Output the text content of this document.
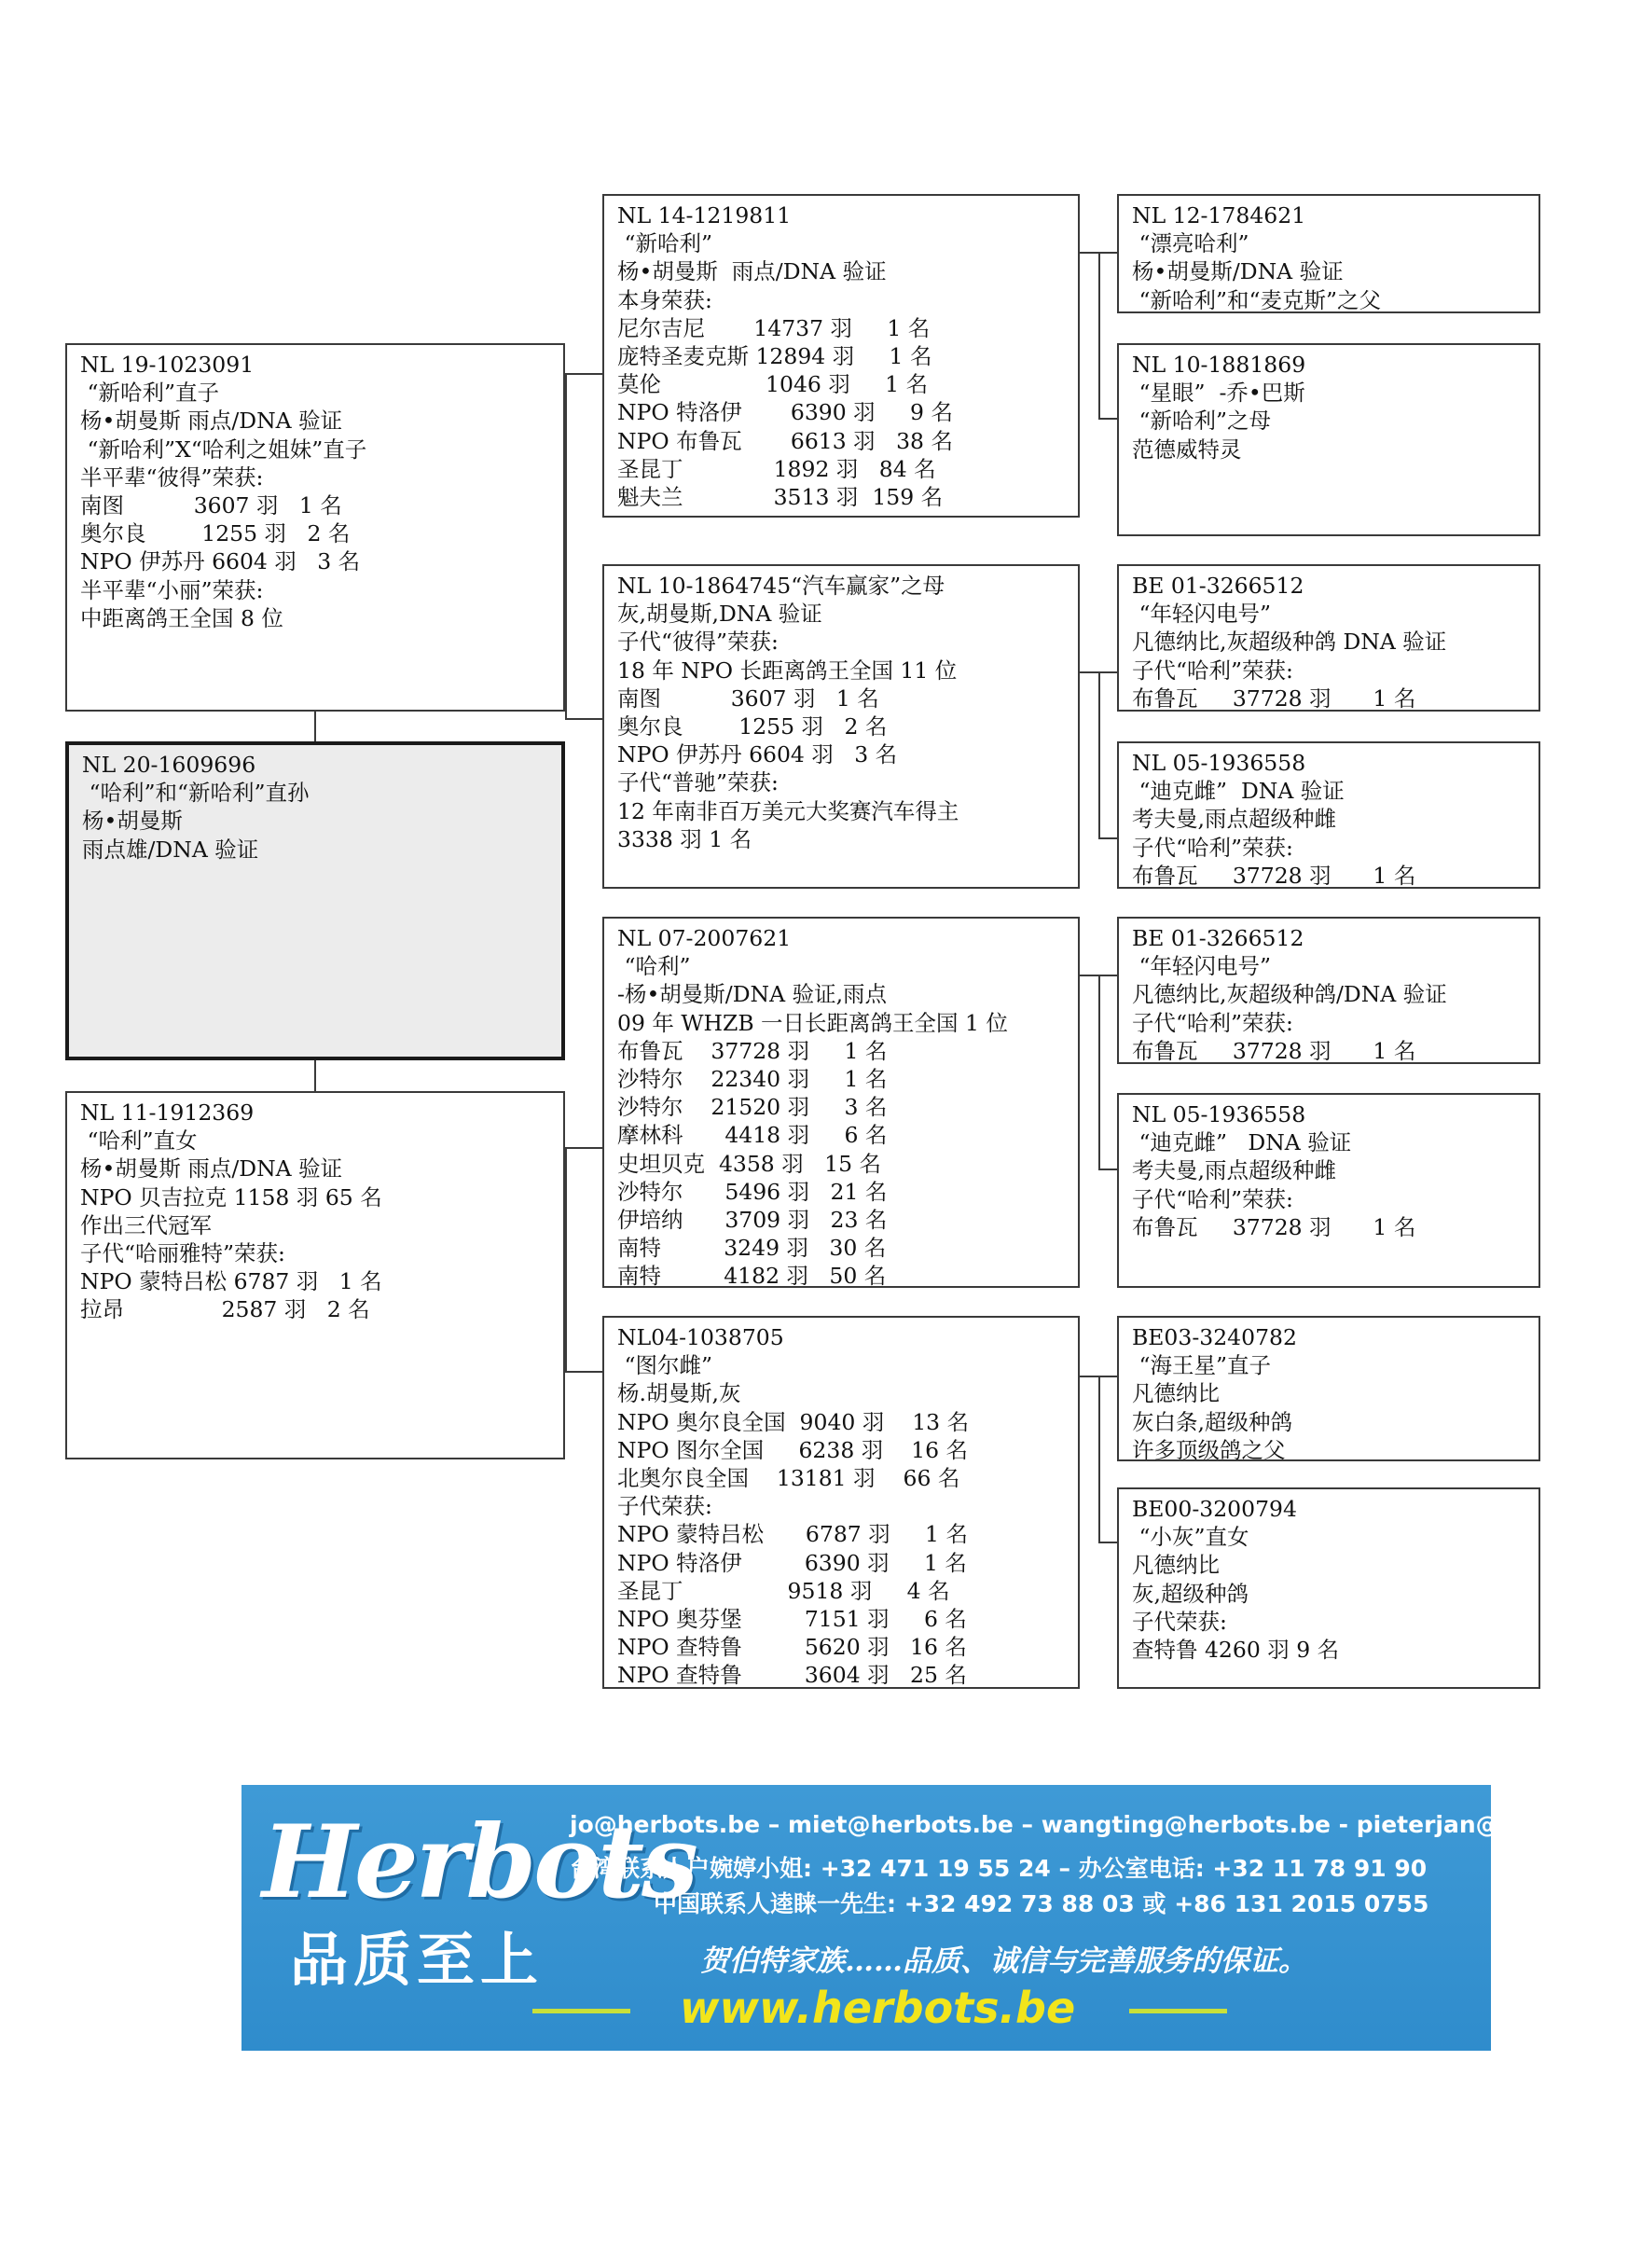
NL 19-1023091
“新哈利”直子
杨•胡曼斯 雨点/DNA 验证
“新哈利”X“哈利之姐妹”直子
半平辈“彼得”荣获:
南图          3607 羽   1 名
奥尔良        1255 羽   2 名
NPO 伊苏丹 6604 羽   3 名
半平辈“小丽”荣获:
中距离鸽王全国 8 位
NL 20-1609696
“哈利”和“新哈利”直孙
杨•胡曼斯
雨点雄/DNA 验证
NL 11-1912369
“哈利”直女
杨•胡曼斯 雨点/DNA 验证
NPO 贝吉拉克 1158 羽 65 名
作出三代冠军
子代“哈丽雅特”荣获:
NPO 蒙特吕松 6787 羽   1 名
拉昂              2587 羽   2 名
NL 14-1219811
“新哈利”
杨•胡曼斯  雨点/DNA 验证
本身荣获:
尼尔吉尼       14737 羽     1 名
庞特圣麦克斯 12894 羽     1 名
莫伦               1046 羽     1 名
NPO 特洛伊       6390 羽     9 名
NPO 布鲁瓦       6613 羽   38 名
圣昆丁             1892 羽   84 名
魁夫兰             3513 羽  159 名
NL 10-1864745“汽车赢家”之母
灰,胡曼斯,DNA 验证
子代“彼得”荣获:
18 年 NPO 长距离鸽王全国 11 位
南图          3607 羽   1 名
奥尔良        1255 羽   2 名
NPO 伊苏丹 6604 羽   3 名
子代“普驰”荣获:
12 年南非百万美元大奖赛汽车得主
3338 羽 1 名
NL 07-2007621
“哈利”
-杨•胡曼斯/DNA 验证,雨点
09 年 WHZB 一日长距离鸽王全国 1 位
布鲁瓦    37728 羽     1 名
沙特尔    22340 羽     1 名
沙特尔    21520 羽     3 名
摩林科      4418 羽     6 名
史坦贝克  4358 羽   15 名
沙特尔      5496 羽   21 名
伊培纳      3709 羽   23 名
南特         3249 羽   30 名
南特         4182 羽   50 名
NL04-1038705
“图尔雌”
杨.胡曼斯,灰
NPO 奥尔良全国  9040 羽    13 名
NPO 图尔全国     6238 羽    16 名
北奥尔良全国    13181 羽    66 名
子代荣获:
NPO 蒙特吕松      6787 羽     1 名
NPO 特洛伊         6390 羽     1 名
圣昆丁               9518 羽     4 名
NPO 奥芬堡         7151 羽     6 名
NPO 查特鲁         5620 羽   16 名
NPO 查特鲁         3604 羽   25 名
NL 12-1784621
“漂亮哈利”
杨•胡曼斯/DNA 验证
“新哈利”和“麦克斯”之父
NL 10-1881869
“星眼”  -乔•巴斯
“新哈利”之母
范德威特灵
BE 01-3266512
“年轻闪电号”
凡德纳比,灰超级种鸽 DNA 验证
子代“哈利”荣获:
布鲁瓦     37728 羽      1 名
NL 05-1936558
“迪克雌”  DNA 验证
考夫曼,雨点超级种雌
子代“哈利”荣获:
布鲁瓦     37728 羽      1 名
BE 01-3266512
“年轻闪电号”
凡德纳比,灰超级种鸽/DNA 验证
子代“哈利”荣获:
布鲁瓦     37728 羽      1 名
NL 05-1936558
“迪克雌”   DNA 验证
考夫曼,雨点超级种雌
子代“哈利”荣获:
布鲁瓦     37728 羽      1 名
BE03-3240782
“海王星”直子
凡德纳比
灰白条,超级种鸽
许多顶级鸽之父
BE00-3200794
“小灰”直女
凡德纳比
灰,超级种鸽
子代荣获:
查特鲁 4260 羽 9 名
Herbots
品质至上
jo@herbots.be – miet@herbots.be – wangting@herbots.be - pieterjan@herbots.be
台湾联系人户婉婷小姐: +32 471 19 55 24 – 办公室电话: +32 11 78 91 90
中国联系人逵睐一先生: +32 492 73 88 03 或 +86 131 2015 0755
贺伯特家族……品质、诚信与完善服务的保证。
www.herbots.be
